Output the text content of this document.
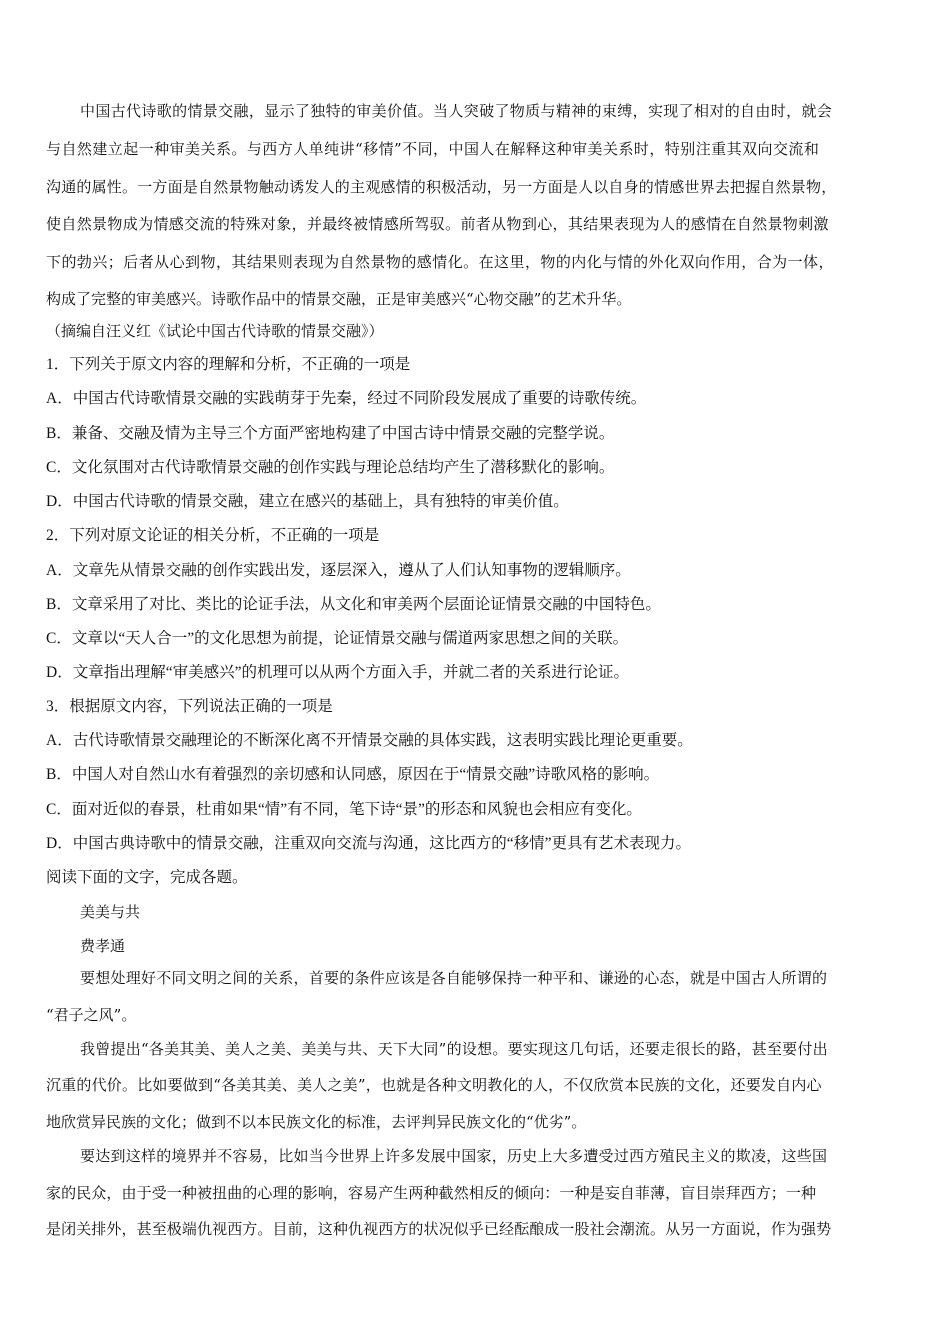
中国古代诗歌的情景交融，显示了独特的审美价值。当人突破了物质与精神的束缚，实现了相对的自由时，就会
与自然建立起一种审美关系。与西方人单纯讲“移情”不同，中国人在解释这种审美关系时，特别注重其双向交流和
沟通的属性。一方面是自然景物触动诱发人的主观感情的积极活动，另一方面是人以自身的情感世界去把握自然景物，
使自然景物成为情感交流的特殊对象，并最终被情感所驾驭。前者从物到心，其结果表现为人的感情在自然景物刺激
下的勃兴；后者从心到物，其结果则表现为自然景物的感情化。在这里，物的内化与情的外化双向作用，合为一体，
构成了完整的审美感兴。诗歌作品中的情景交融，正是审美感兴“心物交融”的艺术升华。
（摘编自汪义红《试论中国古代诗歌的情景交融》）
1．下列关于原文内容的理解和分析，不正确的一项是
A．中国古代诗歌情景交融的实践萌芽于先秦，经过不同阶段发展成了重要的诗歌传统。
B．兼备、交融及情为主导三个方面严密地构建了中国古诗中情景交融的完整学说。
C．文化氛围对古代诗歌情景交融的创作实践与理论总结均产生了潜移默化的影响。
D．中国古代诗歌的情景交融，建立在感兴的基础上，具有独特的审美价值。
2．下列对原文论证的相关分析，不正确的一项是
A．文章先从情景交融的创作实践出发，逐层深入，遵从了人们认知事物的逻辑顺序。
B．文章采用了对比、类比的论证手法，从文化和审美两个层面论证情景交融的中国特色。
C．文章以“天人合一”的文化思想为前提，论证情景交融与儒道两家思想之间的关联。
D．文章指出理解“审美感兴”的机理可以从两个方面入手，并就二者的关系进行论证。
3．根据原文内容，下列说法正确的一项是
A．古代诗歌情景交融理论的不断深化离不开情景交融的具体实践，这表明实践比理论更重要。
B．中国人对自然山水有着强烈的亲切感和认同感，原因在于“情景交融”诗歌风格的影响。
C．面对近似的春景，杜甫如果“情”有不同，笔下诗“景”的形态和风貌也会相应有变化。
D．中国古典诗歌中的情景交融，注重双向交流与沟通，这比西方的“移情”更具有艺术表现力。
阅读下面的文字，完成各题。
美美与共
费孝通
要想处理好不同文明之间的关系，首要的条件应该是各自能够保持一种平和、谦逊的心态，就是中国古人所谓的
“君子之风”。
我曾提出“各美其美、美人之美、美美与共、天下大同”的设想。要实现这几句话，还要走很长的路，甚至要付出
沉重的代价。比如要做到“各美其美、美人之美”，也就是各种文明教化的人，不仅欣赏本民族的文化，还要发自内心
地欣赏异民族的文化；做到不以本民族文化的标准，去评判异民族文化的“优劣”。
要达到这样的境界并不容易，比如当今世界上许多发展中国家，历史上大多遭受过西方殖民主义的欺凌，这些国
家的民众，由于受一种被扭曲的心理的影响，容易产生两种截然相反的倾向：一种是妄自菲薄，盲目崇拜西方；一种
是闭关排外，甚至极端仇视西方。目前，这种仇视西方的状况似乎已经酝酿成一股社会潮流。从另一方面说，作为强势
